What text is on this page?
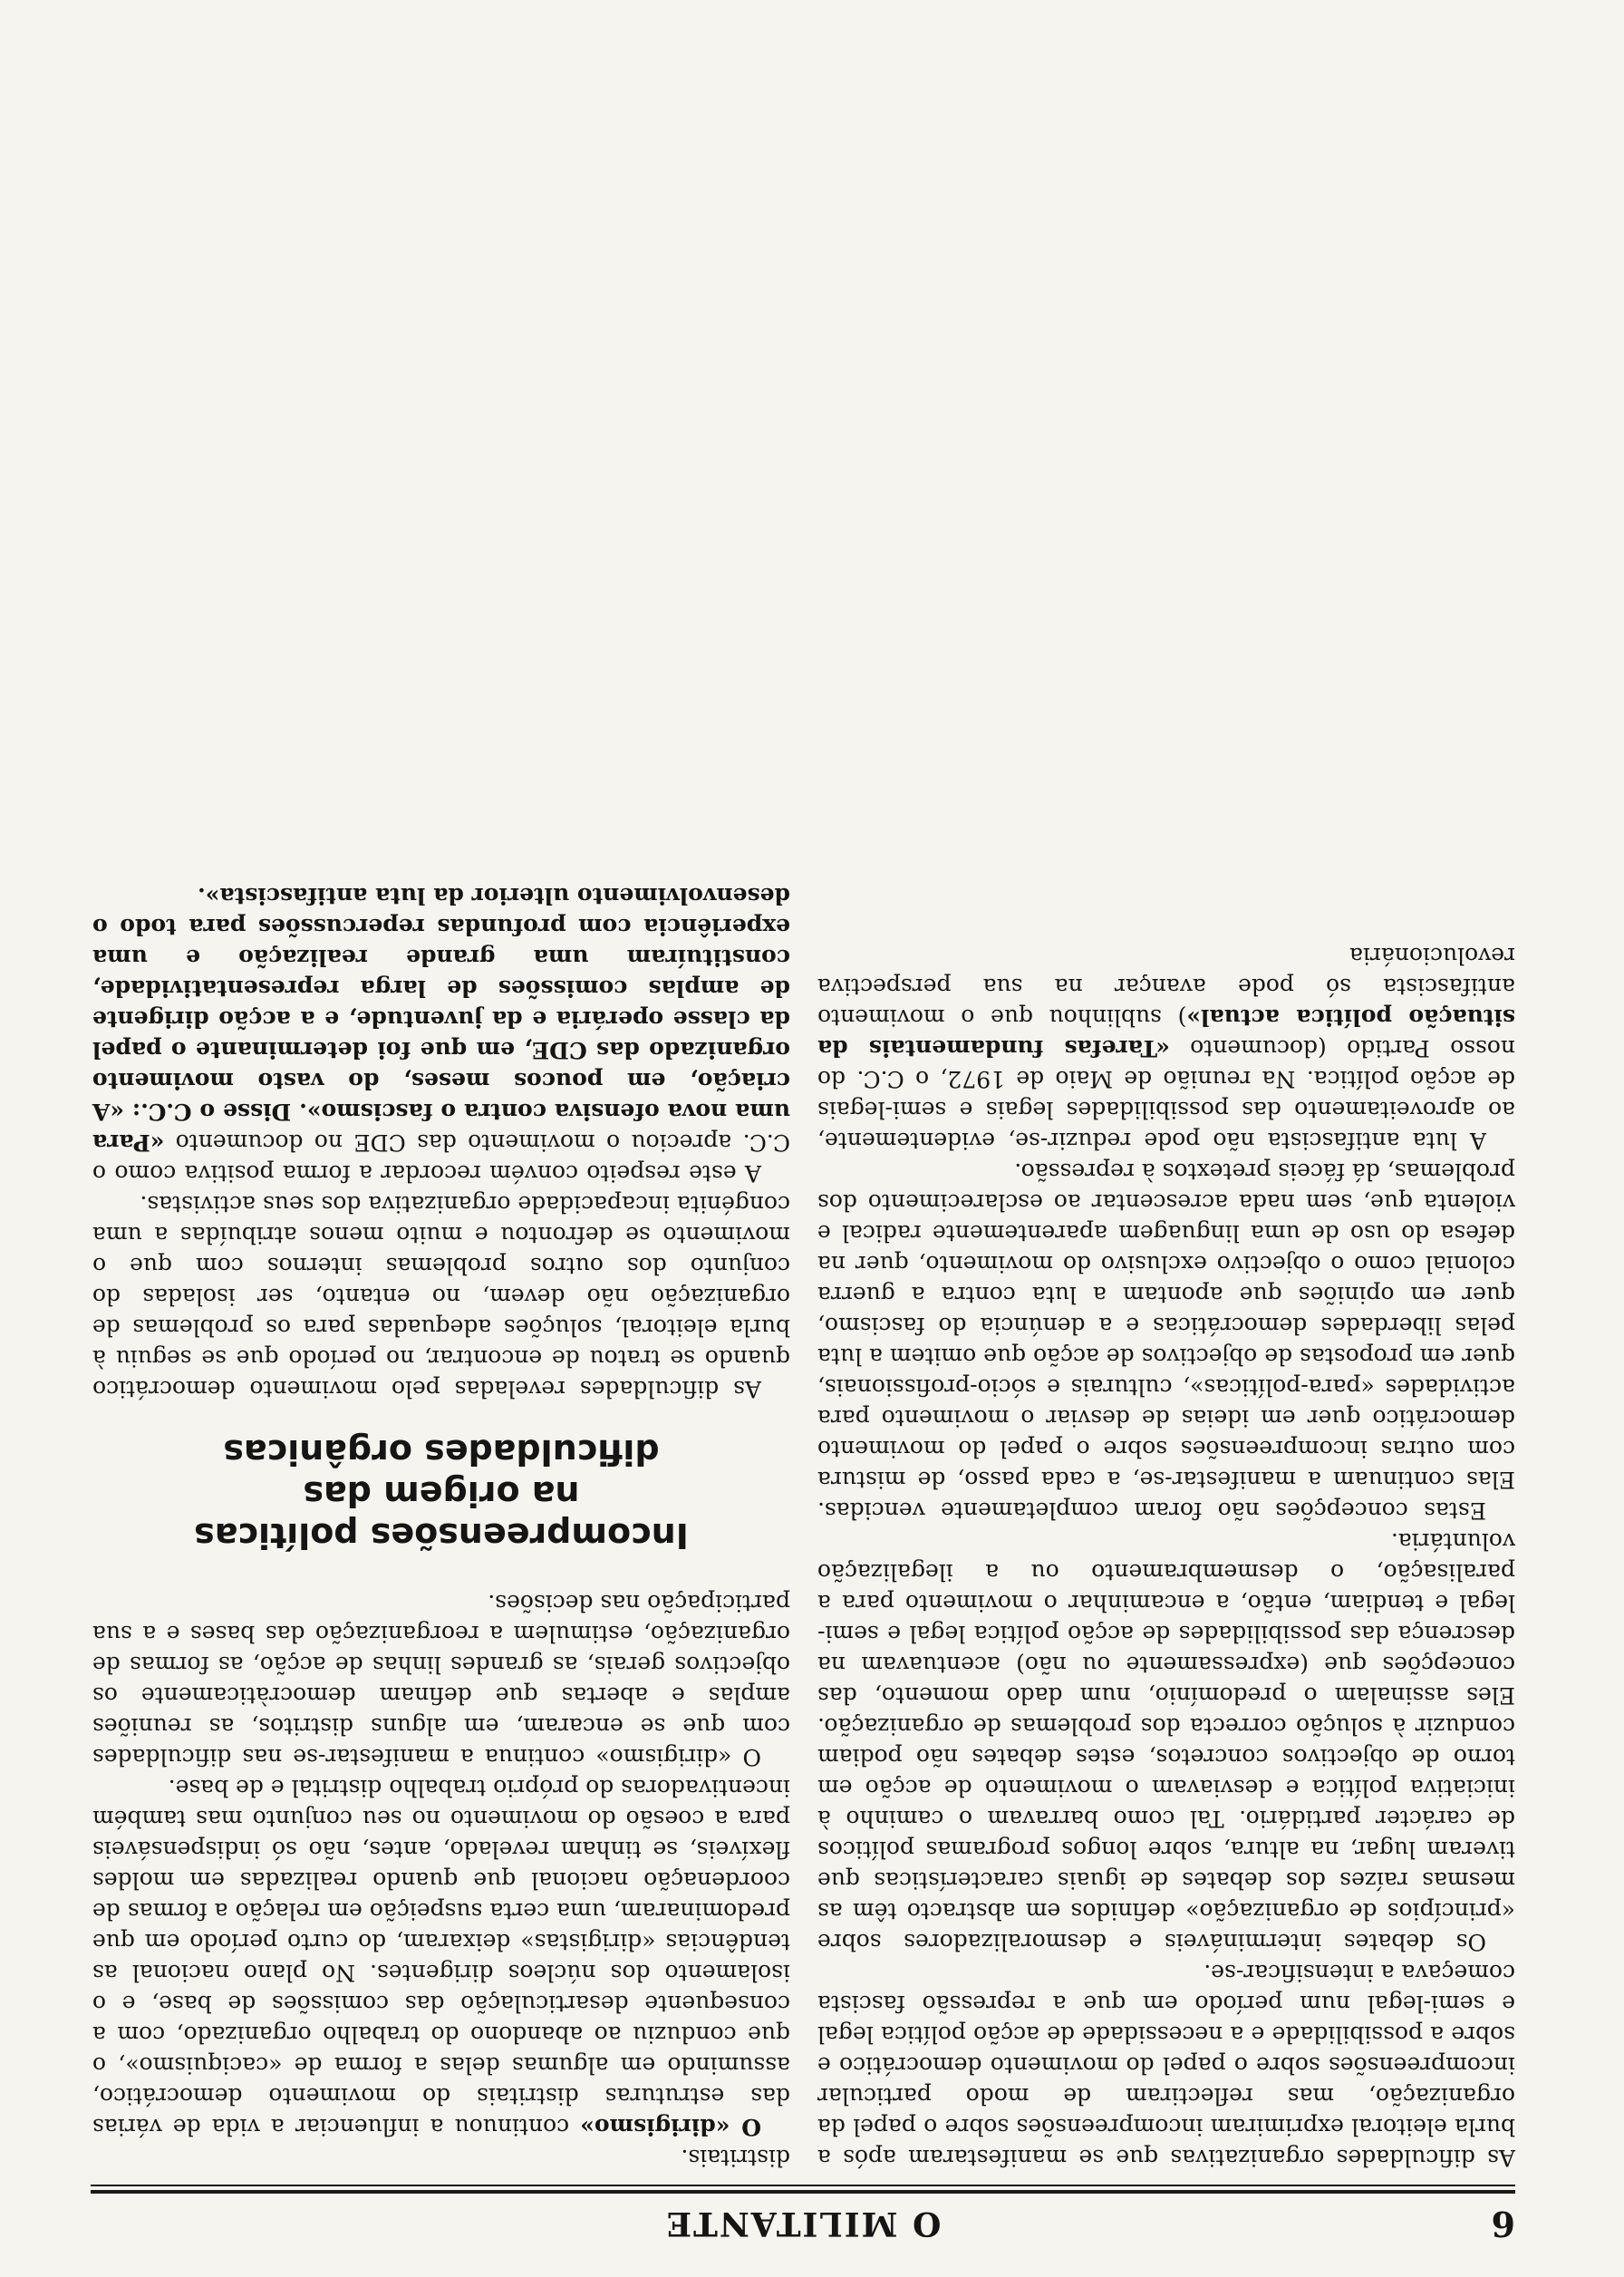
6
O MILITANTE

As dificuldades organizativas que se manifestaram após a burla eleitoral exprimiram incompreensões sobre o papel da organização, mas reflectiram de modo particular incompreensões sobre o papel do movimento democrático e sobre a possibilidade e a necessidade de acção política legal e semi-legal num período em que a repressão fascista começava a intensificar-se.

Os debates intermináveis e desmoralizadores sobre «princípios de organização» definidos em abstracto têm as mesmas raízes dos debates de iguais características que tiveram lugar, na altura, sobre longos programas políticos de carácter partidário. Tal como barravam o caminho à iniciativa política e desviavam o movimento de acção em torno de objectivos concretos, estes debates não podiam conduzir à solução correcta dos problemas de organização. Eles assinalam o predomínio, num dado momento, das concepções que (expressamente ou não) acentuavam na descrença das possibilidades de acção política legal e semi-legal e tendiam, então, a encaminhar o movimento para a paralisação, o desmembramento ou a ilegalização voluntária.

Estas concepções não foram completamente vencidas. Elas continuam a manifestar-se, a cada passo, de mistura com outras incompreensões sobre o papel do movimento democrático quer em ideias de desviar o movimento para actividades «para-políticas», culturais e sócio-profissionais, quer em propostas de objectivos de acção que omitem a luta pelas liberdades democráticas e a denúncia do fascismo, quer em opiniões que apontam a luta contra a guerra colonial como o objectivo exclusivo do movimento, quer na defesa do uso de uma linguagem aparentemente radical e violenta que, sem nada acrescentar ao esclarecimento dos problemas, dá fáceis pretextos à repressão.

A luta antifascista não pode reduzir-se, evidentemente, ao aproveitamento das possibilidades legais e semi-legais de acção política. Na reunião de Maio de 1972, o C.C. do nosso Partido (documento «Tarefas fundamentais da situação política actual») sublinhou que o movimento antifascista só pode avançar na sua perspectiva revolucionária

distritais.

O «dirigismo» continuou a influenciar a vida de várias das estruturas distritais do movimento democrático, assumindo em algumas delas a forma de «caciquismo», o que conduziu ao abandono do trabalho organizado, com a consequente desarticulação das comissões de base, e o isolamento dos núcleos dirigentes. No plano nacional as tendências «dirigistas» deixaram, do curto período em que predominaram, uma certa suspeição em relação a formas de coordenação nacional que quando realizadas em moldes flexíveis, se tinham revelado, antes, não só indispensáveis para a coesão do movimento no seu conjunto mas também incentivadoras do próprio trabalho distrital e de base.

O «dirigismo» continua a manifestar-se nas dificuldades com que se encaram, em alguns distritos, as reuniões amplas e abertas que definam democràticamente os objectivos gerais, as grandes linhas de acção, as formas de organização, estimulem a reorganização das bases e a sua participação nas decisões.

Incompreensões políticas
na origem das
dificuldades orgânicas

As dificuldades reveladas pelo movimento democrático quando se tratou de encontrar, no período que se seguiu à burla eleitoral, soluções adequadas para os problemas de organização não devem, no entanto, ser isoladas do conjunto dos outros problemas internos com que o movimento se defrontou e muito menos atribuídas a uma congénita incapacidade organizativa dos seus activistas.

A este respeito convém recordar a forma positiva como o C.C. apreciou o movimento das CDE no documento «Para uma nova ofensiva contra o fascismo». Disse o C.C.: «A criação, em poucos meses, do vasto movimento organizado das CDE, em que foi determinante o papel da classe operária e da juventude, e a acção dirigente de amplas comissões de larga representatividade, constituíram uma grande realização e uma experiência com profundas repercussões para todo o desenvolvimento ulterior da luta antifascista».
